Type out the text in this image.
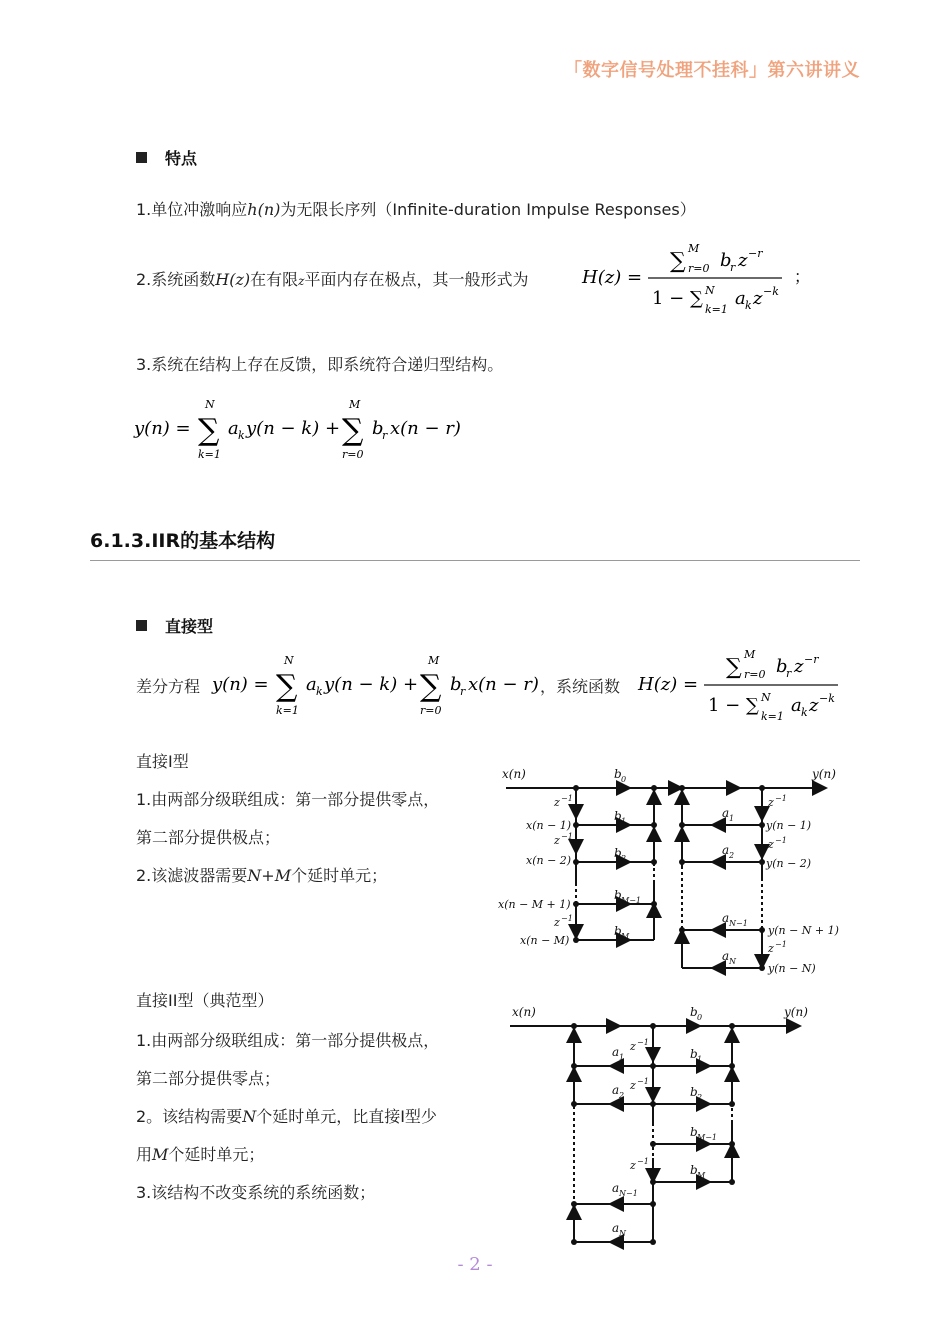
「数字信号处理不挂科」第六讲讲义
特点
1.单位冲激响应h(n)为无限长序列（Infinite-duration Impulse Responses）
2.系统函数H(z)在有限z平面内存在极点，其一般形式为	H(z) =
∑
M
r=0 b
r z −r
1 − ∑ N
k=1
a k z −k
；
3.系统在结构上存在反馈，即系统符合递归型结构。
y(n) =
N
∑
k=1
a k y(n − k) +
M
∑
r=0
b
r x(n − r)
6.1.3.IIR的基本结构
直接型
差分方程 y(n) =
N
∑
k=1
a k y(n − k) +
M
∑
r=0
b
r x(n − r) ，系统函数 H(z) =
∑
M
r=0 b
r z −r
1 − ∑ N
k=1
a k z −k
直接I型
1.由两部分级联组成：第一部分提供零点，
第二部分提供极点；
2.该滤波器需要N+M个延时单元；
x(n)	y(n)
b 0
b 1
b 2
b M−1
b M
a 1
a 2
a N−1
a N
z −1
z −1
z −1
z −1
z −1
z −1
x(n − 1)
x(n − 2)
x(n − M + 1)
x(n − M)
y(n − 1)
y(n − 2)
y(n − N + 1)
y(n − N)
直接II型（典范型）
1.由两部分级联组成：第一部分提供极点，
第二部分提供零点；
2。该结构需要N个延时单元，比直接I型少
用M个延时单元；
3.该结构不改变系统的系统函数；
x(n)	y(n)
b 0
a 1
a 2
a N−1
a N
b 1
b 2
b M−1
b M
z −1
z −1
z −1
- 2 -
